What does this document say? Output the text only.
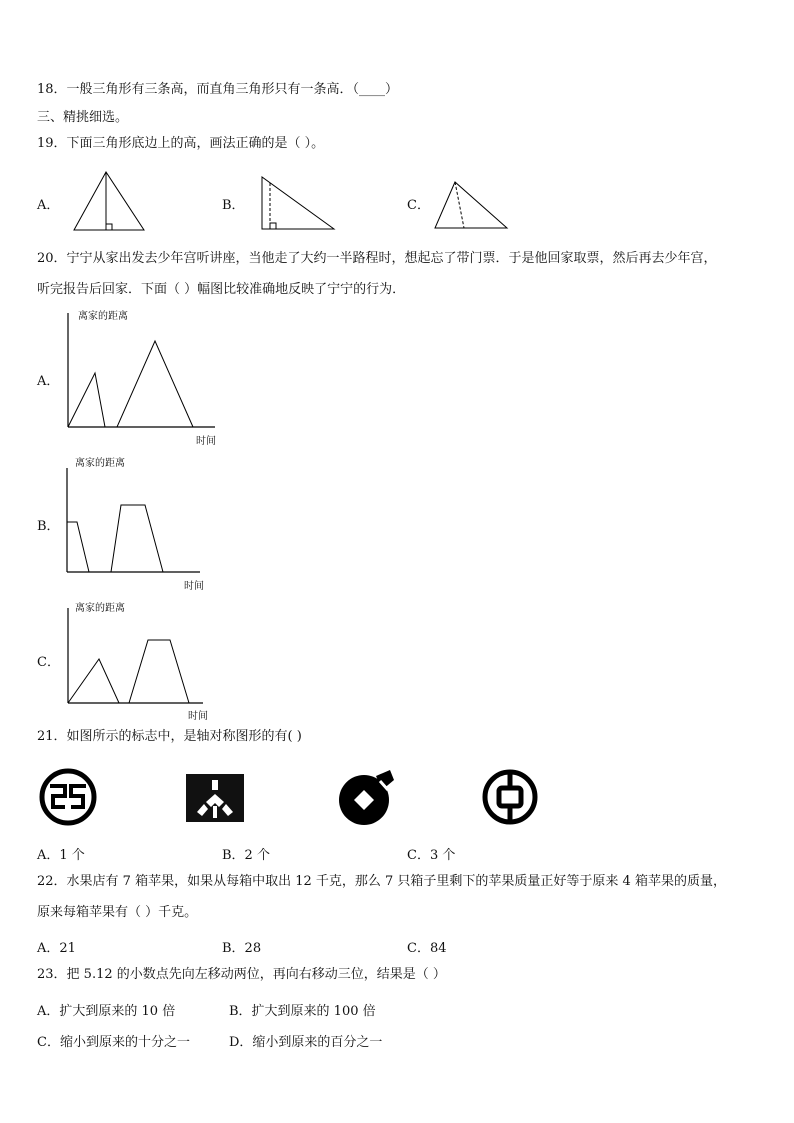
18．一般三角形有三条高，而直角三角形只有一条高．（____）
三、精挑细选。
19．下面三角形底边上的高，画法正确的是（ ）。
A．	B．	C．
20．宁宁从家出发去少年宫听讲座，当他走了大约一半路程时，想起忘了带门票．于是他回家取票，然后再去少年宫，
听完报告后回家．下面（ ）幅图比较准确地反映了宁宁的行为．
A．
离家的距离
时间
B．
离家的距离
时间
C．
离家的距离
时间
21．如图所示的标志中，是轴对称图形的有( )
A．1 个	B．2 个	C．3 个
22．水果店有 7 箱苹果，如果从每箱中取出 12 千克，那么 7 只箱子里剩下的苹果质量正好等于原来 4 箱苹果的质量，
原来每箱苹果有（ ）千克。
A．21	B．28	C．84
23．把 5.12 的小数点先向左移动两位，再向右移动三位，结果是（ ）
A．扩大到原来的 10 倍	B．扩大到原来的 100 倍
C．缩小到原来的十分之一	D．缩小到原来的百分之一
